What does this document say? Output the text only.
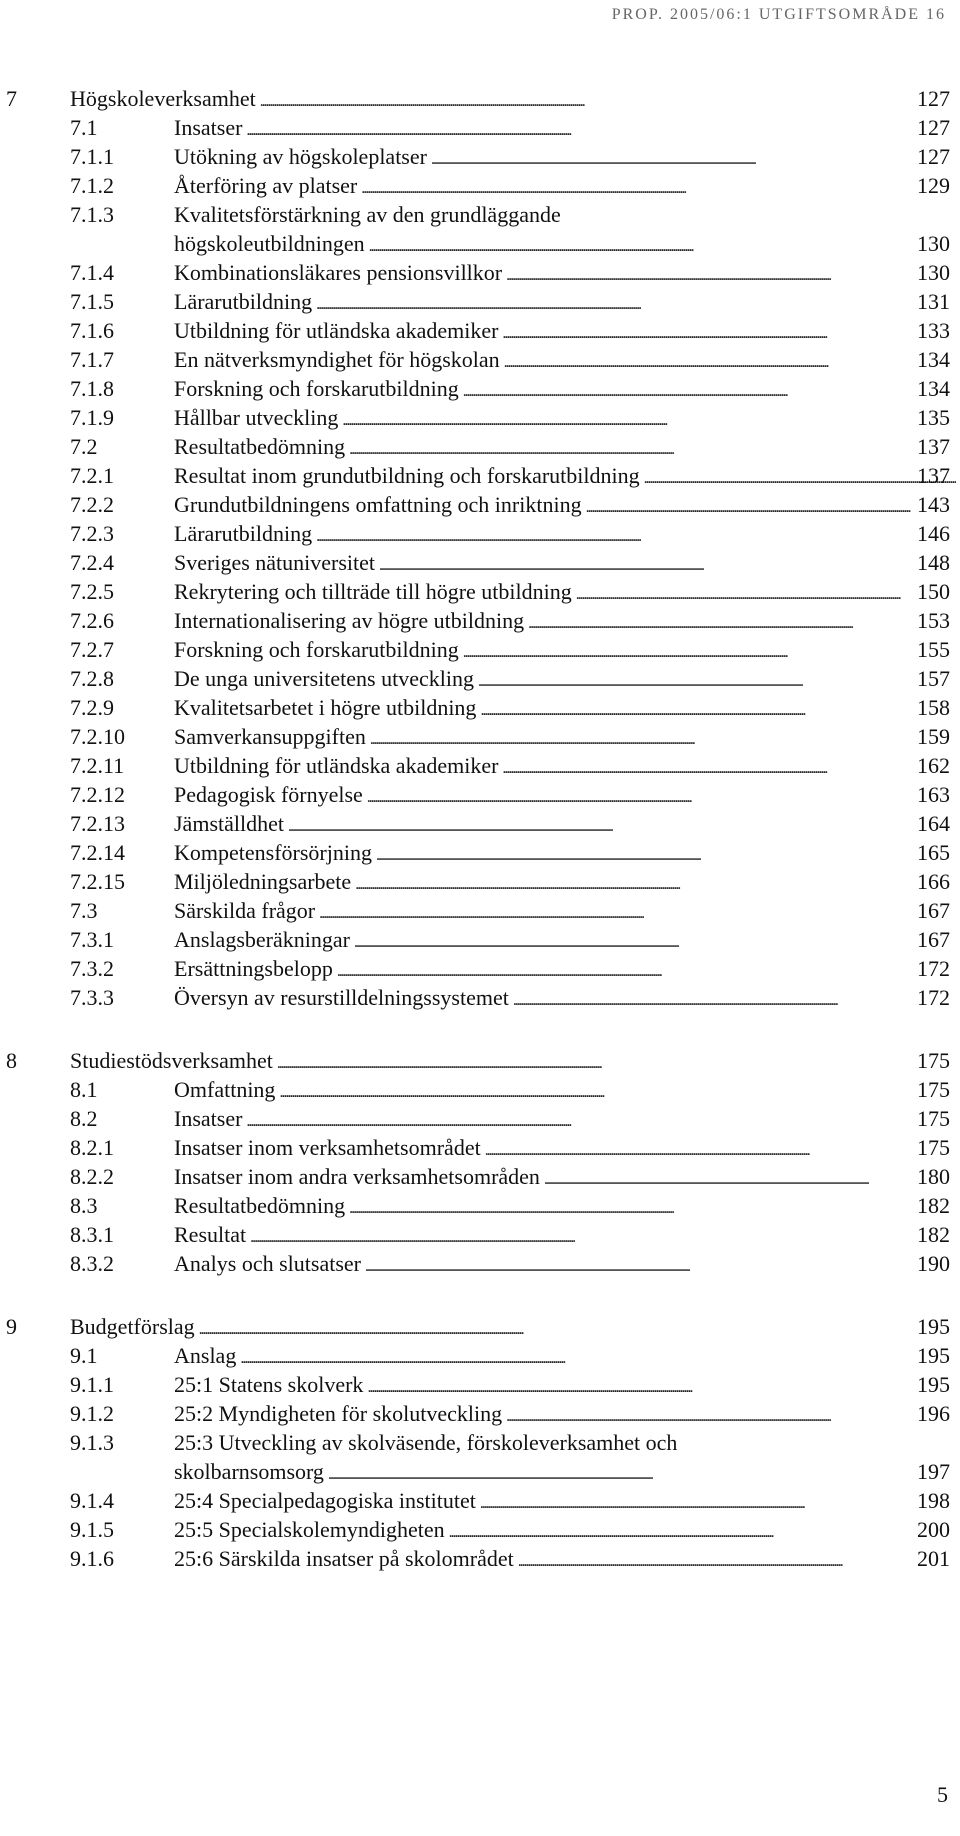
PROP. 2005/06:1 UTGIFTSOMRÅDE 16
7 Högskoleverksamhet . . .	127
7.1	Insatser . . .	127
7.1.1	Utökning av högskoleplatser . . .	127
7.1.2	Återföring av platser . . .	129
7.1.3	Kvalitetsförstärkning av den grundläggande
högskoleutbildningen . . .	130
7.1.4	Kombinationsläkares pensionsvillkor . . .	130
7.1.5	Lärarutbildning . . .	131
7.1.6	Utbildning för utländska akademiker . . .	133
7.1.7	En nätverksmyndighet för högskolan . . .	134
7.1.8	Forskning och forskarutbildning . . .	134
7.1.9	Hållbar utveckling . . .	135
7.2	Resultatbedömning . . .	137
7.2.1	Resultat inom grundutbildning och forskarutbildning . . .	137
7.2.2	Grundutbildningens omfattning och inriktning . . .	143
7.2.3	Lärarutbildning . . .	146
7.2.4	Sveriges nätuniversitet . . .	148
7.2.5	Rekrytering och tillträde till högre utbildning . . .	150
7.2.6	Internationalisering av högre utbildning . . .	153
7.2.7	Forskning och forskarutbildning . . .	155
7.2.8	De unga universitetens utveckling . . .	157
7.2.9	Kvalitetsarbetet i högre utbildning . . .	158
7.2.10 Samverkansuppgiften . . .	159
7.2.11 Utbildning för utländska akademiker . . .	162
7.2.12 Pedagogisk förnyelse . . .	163
7.2.13 Jämställdhet . . .	164
7.2.14 Kompetensförsörjning . . .	165
7.2.15 Miljöledningsarbete . . .	166
7.3	Särskilda frågor . . .	167
7.3.1	Anslagsberäkningar . . .	167
7.3.2	Ersättningsbelopp . . .	172
7.3.3	Översyn av resurstilldelningssystemet . . .	172
8 Studiestödsverksamhet . . .	175
8.1	Omfattning . . .	175
8.2	Insatser . . .	175
8.2.1	Insatser inom verksamhetsområdet . . .	175
8.2.2	Insatser inom andra verksamhetsområden . . .	180
8.3	Resultatbedömning . . .	182
8.3.1	Resultat . . .	182
8.3.2	Analys och slutsatser . . .	190
9 Budgetförslag . . .	195
9.1	Anslag . . .	195
9.1.1	25:1 Statens skolverk . . .	195
9.1.2	25:2 Myndigheten för skolutveckling . . .	196
9.1.3	25:3 Utveckling av skolväsende, förskoleverksamhet och
skolbarnsomsorg . . .	197
9.1.4	25:4 Specialpedagogiska institutet . . .	198
9.1.5	25:5 Specialskolemyndigheten . . .	200
9.1.6	25:6 Särskilda insatser på skolområdet . . .	201
5
